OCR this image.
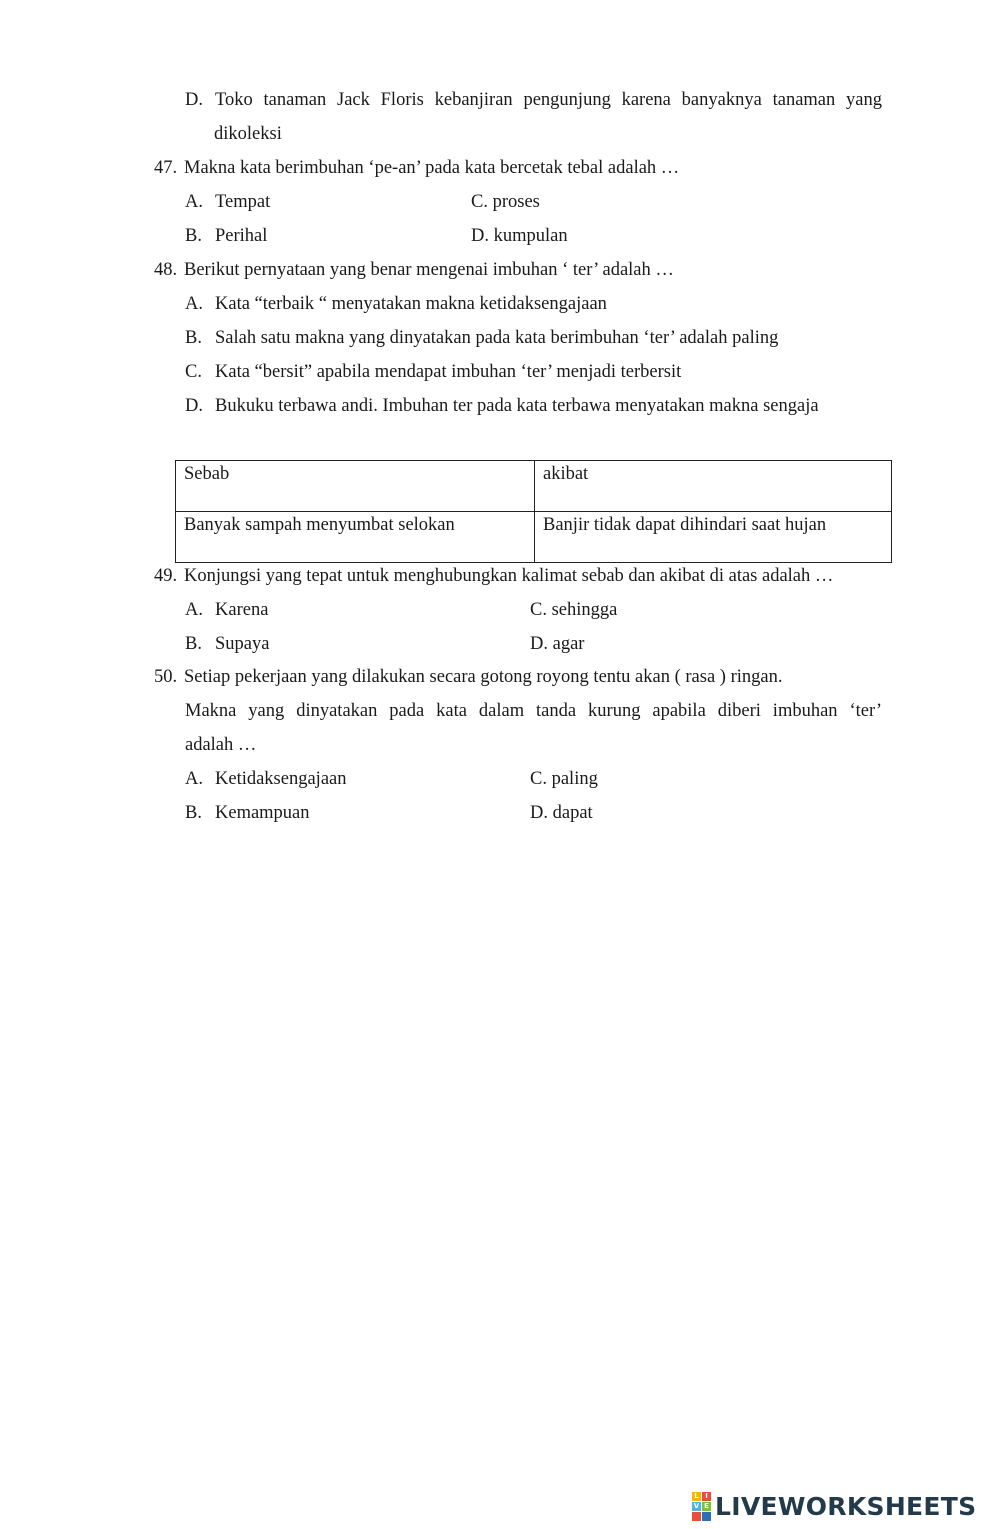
D. Toko tanaman Jack Floris kebanjiran pengunjung karena banyaknya tanaman yang
dikoleksi
47. Makna kata berimbuhan ‘pe-an’ pada kata bercetak tebal adalah …
A. Tempat	C. proses
B. Perihal	D. kumpulan
48. Berikut pernyataan yang benar mengenai imbuhan ‘ ter’ adalah …
A. Kata “terbaik “ menyatakan makna ketidaksengajaan
B. Salah satu makna yang dinyatakan pada kata berimbuhan ‘ter’ adalah paling
C. Kata “bersit” apabila mendapat imbuhan ‘ter’ menjadi terbersit
D. Bukuku terbawa andi. Imbuhan ter pada kata terbawa menyatakan makna sengaja
Sebab	akibat
Banyak sampah menyumbat selokan	Banjir tidak dapat dihindari saat hujan
49. Konjungsi yang tepat untuk menghubungkan kalimat sebab dan akibat di atas adalah …
A. Karena	C. sehingga
B. Supaya	D. agar
50. Setiap pekerjaan yang dilakukan secara gotong royong tentu akan ( rasa ) ringan.
Makna yang dinyatakan pada kata dalam tanda kurung apabila diberi imbuhan ‘ter’
adalah …
A. Ketidaksengajaan	C. paling
B. Kemampuan	D. dapat
L I
V E LIVEWORKSHEETS
